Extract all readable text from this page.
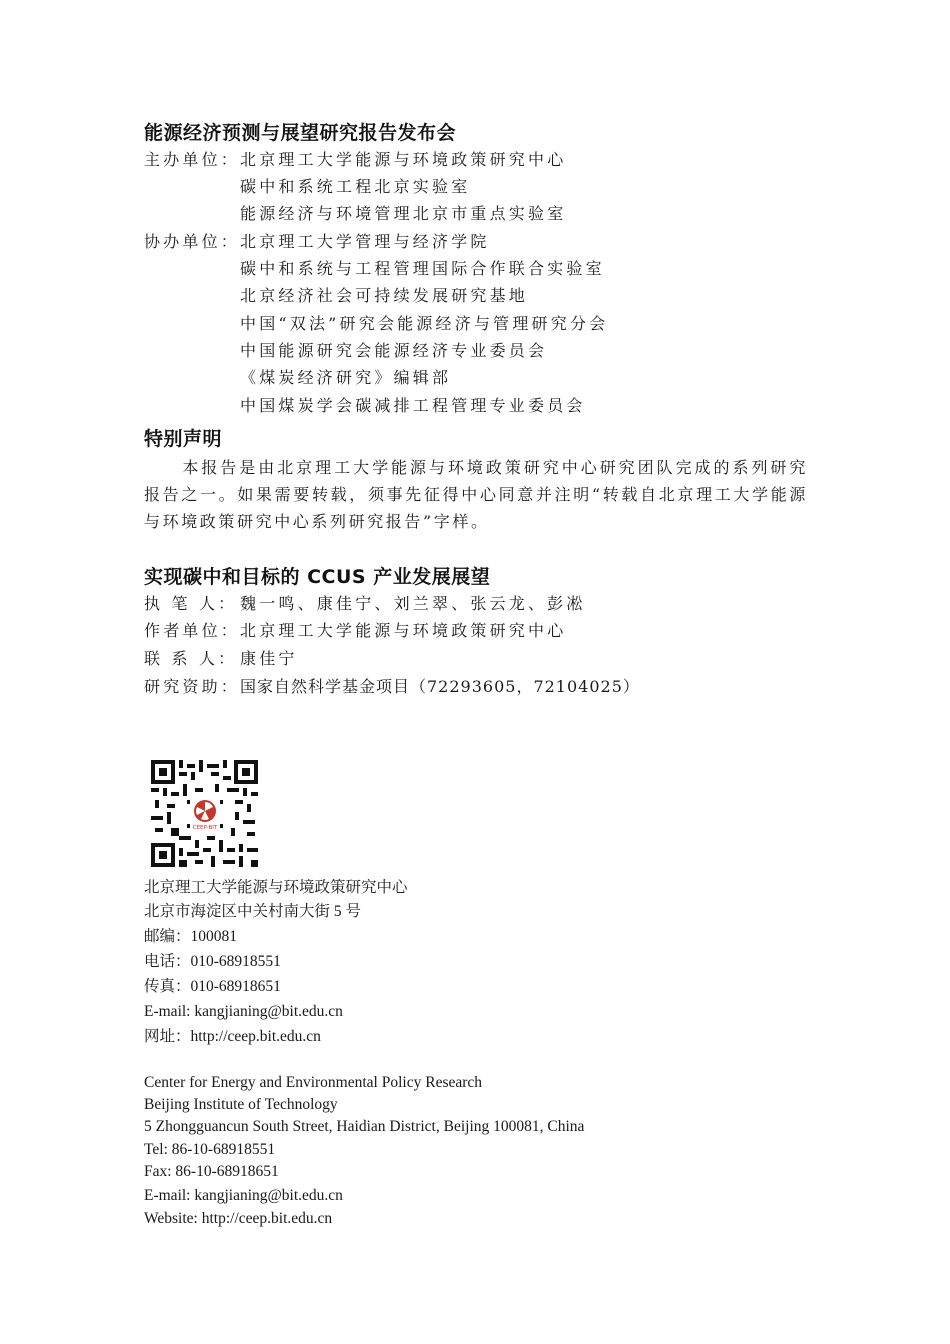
能源经济预测与展望研究报告发布会
主办单位： 北京理工大学能源与环境政策研究中心
碳中和系统工程北京实验室
能源经济与环境管理北京市重点实验室
协办单位： 北京理工大学管理与经济学院
碳中和系统与工程管理国际合作联合实验室
北京经济社会可持续发展研究基地
中国“双法”研究会能源经济与管理研究分会
中国能源研究会能源经济专业委员会
《煤炭经济研究》编辑部
中国煤炭学会碳减排工程管理专业委员会
特别声明
本报告是由北京理工大学能源与环境政策研究中心研究团队完成的系列研究报告之一。如果需要转载，须事先征得中心同意并注明“转载自北京理工大学能源与环境政策研究中心系列研究报告”字样。
实现碳中和目标的 CCUS 产业发展展望
执 笔 人： 魏一鸣、康佳宁、刘兰翠、张云龙、彭凇
作者单位： 北京理工大学能源与环境政策研究中心
联 系 人： 康佳宁
研究资助： 国家自然科学基金项目（72293605，72104025）
CEEP-BIT
北京理工大学能源与环境政策研究中心
北京市海淀区中关村南大街 5 号
邮编：100081
电话：010-68918551
传真：010-68918651
E-mail: kangjianing@bit.edu.cn
网址：http://ceep.bit.edu.cn
Center for Energy and Environmental Policy Research
Beijing Institute of Technology
5 Zhongguancun South Street, Haidian District, Beijing 100081, China
Tel: 86-10-68918551
Fax: 86-10-68918651
E-mail: kangjianing@bit.edu.cn
Website: http://ceep.bit.edu.cn
